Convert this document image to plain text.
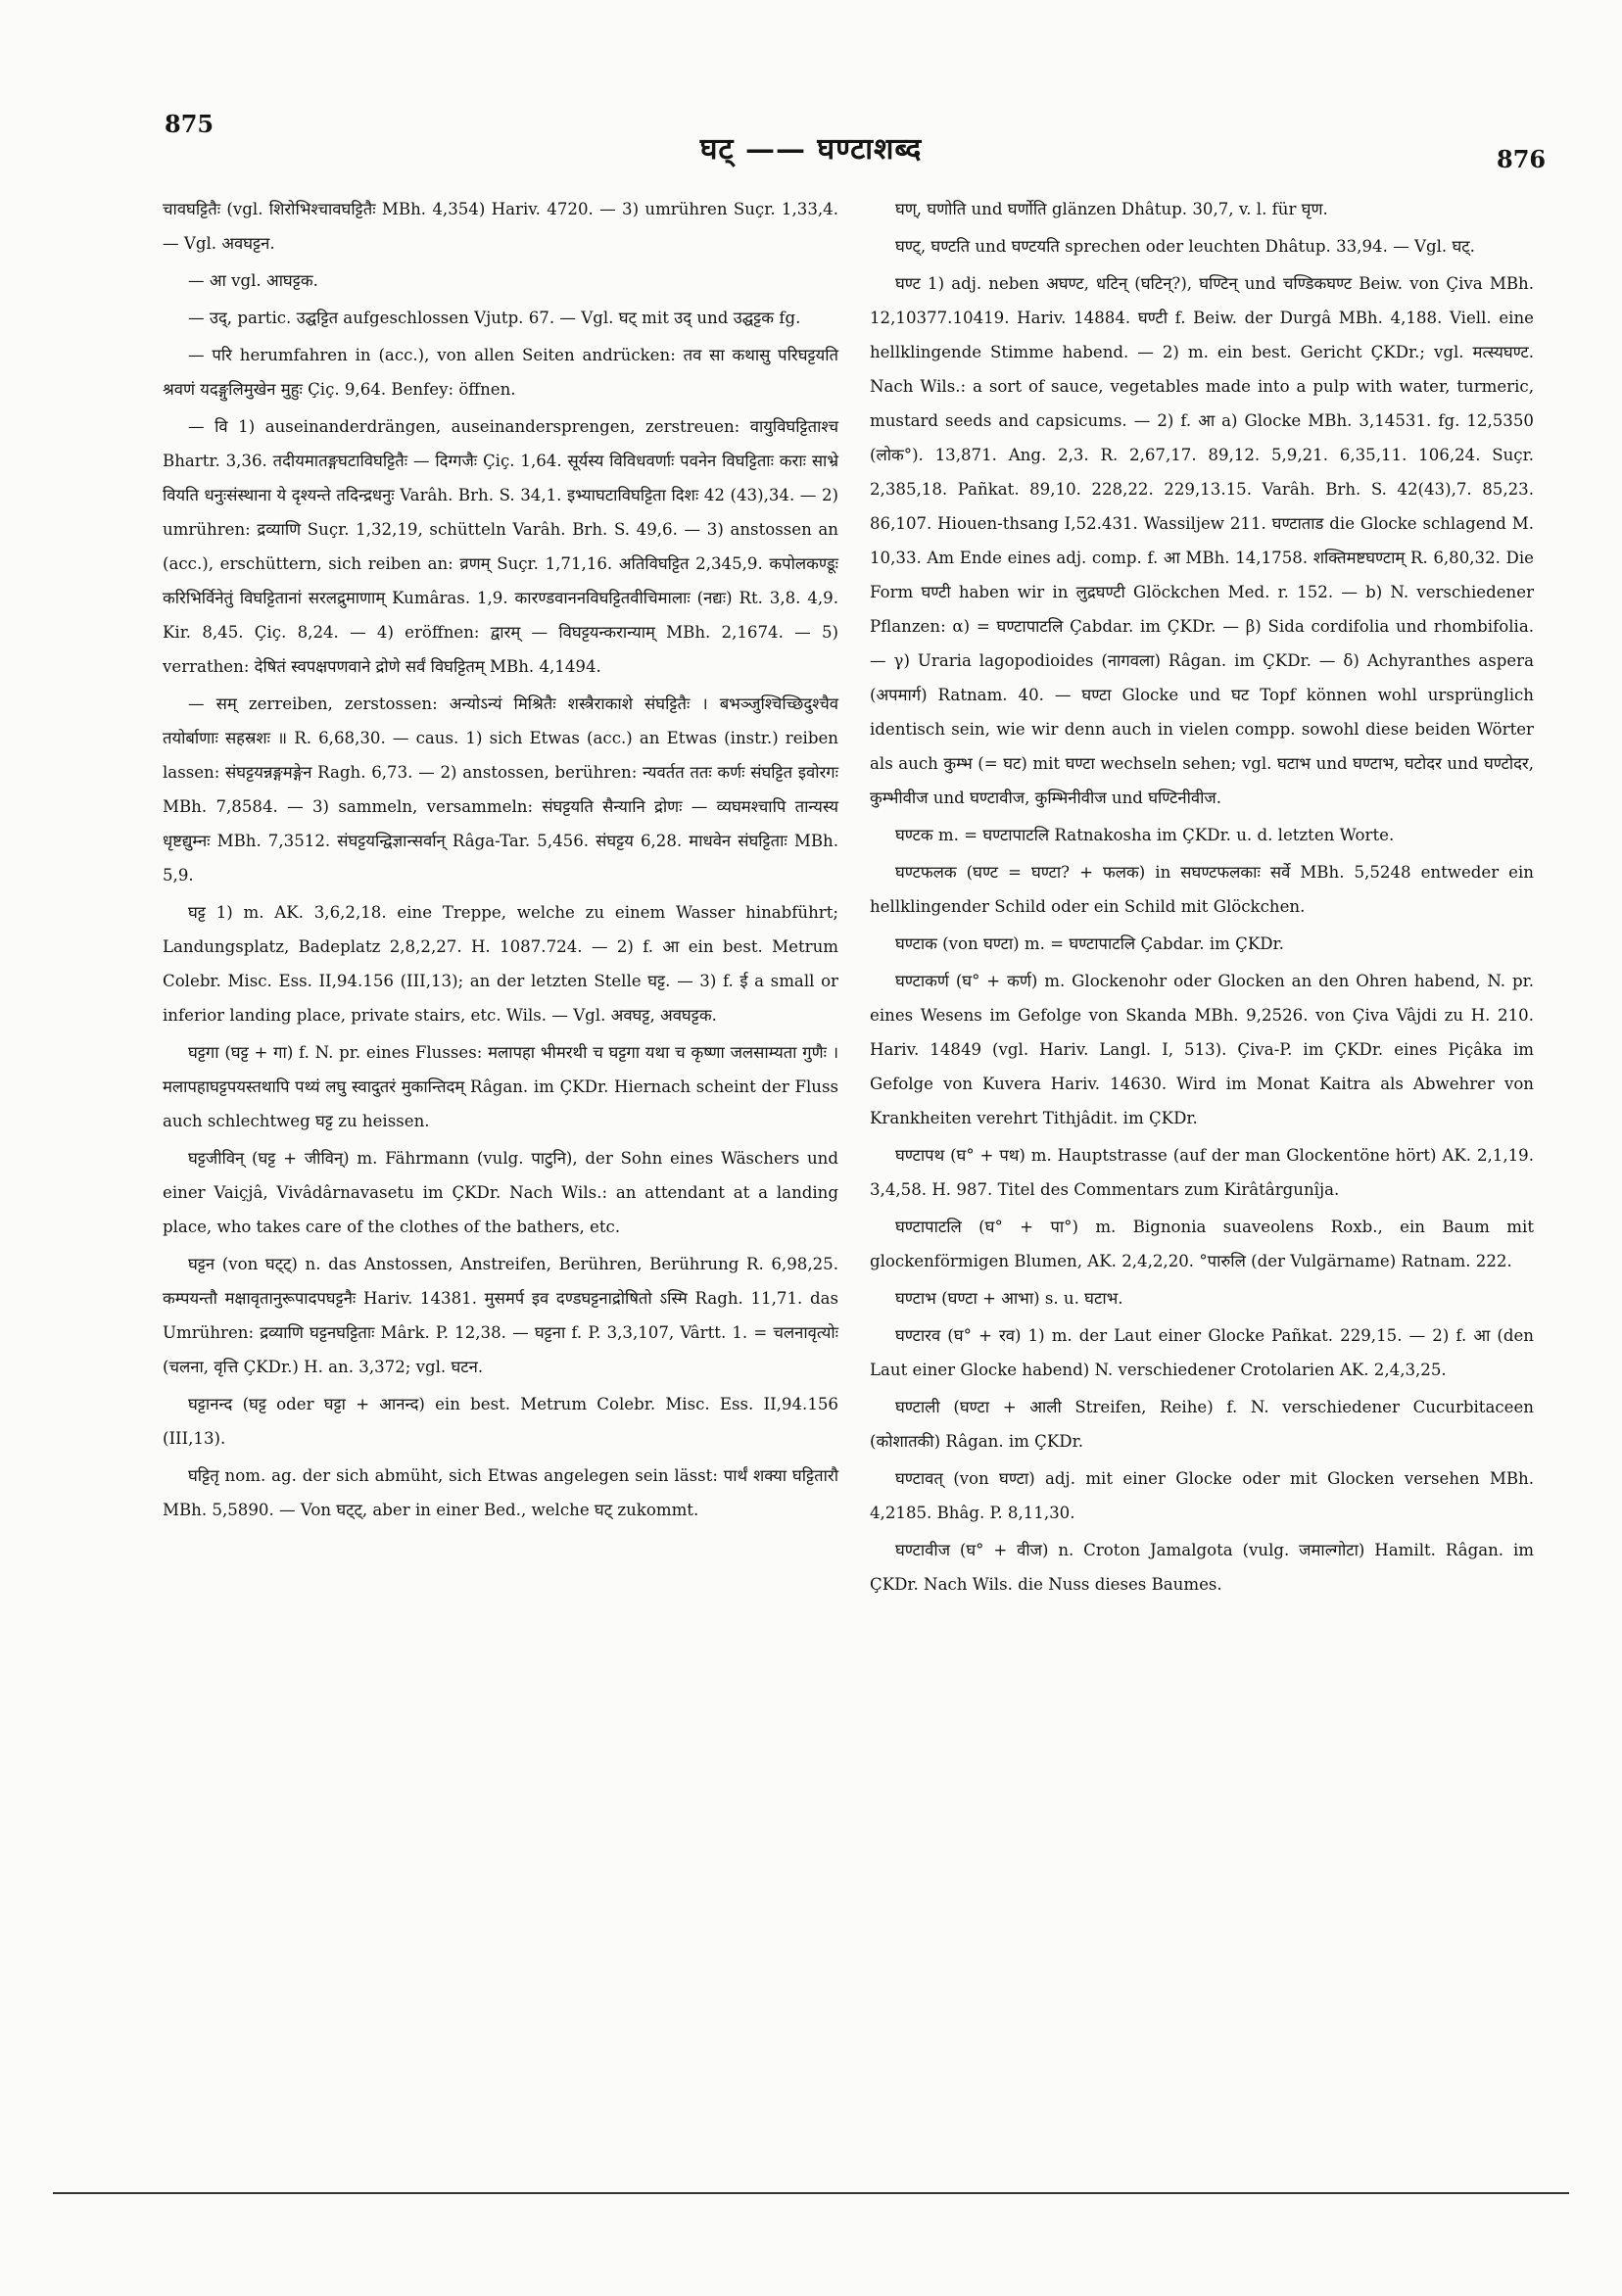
875
घट् —— घण्टाशब्द	876

चावघट्टितैः (vgl. शिरोभिश्चावघट्टितैः MBh. 4,354) Hariv. 4720. — 3) umrühren Suçr. 1,33,4. — Vgl. अवघट्टन.

— आ vgl. आघट्टक.

— उद्, partic. उद्घट्टित aufgeschlossen Vjutp. 67. — Vgl. घट् mit उद् und उद्घट्टक fg.

— परि herumfahren in (acc.), von allen Seiten andrücken: तव सा कथासु परिघट्टयति श्रवणं यदङ्गुलिमुखेन मुहुः Çiç. 9,64. Benfey: öffnen.

— वि 1) auseinanderdrängen, auseinandersprengen, zerstreuen: वायुविघट्टिताश्च Bhartr. 3,36. तदीयमातङ्गघटाविघट्टितैः — दिग्गजैः Çiç. 1,64. सूर्यस्य विविधवर्णाः पवनेन विघट्टिताः कराः साभ्रे वियति धनुःसंस्थाना ये दृश्यन्ते तदिन्द्रधनुः Varâh. Brh. S. 34,1. इभ्याघटाविघट्टिता दिशः 42 (43),34. — 2) umrühren: द्रव्याणि Suçr. 1,32,19, schütteln Varâh. Brh. S. 49,6. — 3) anstossen an (acc.), erschüttern, sich reiben an: व्रणम् Suçr. 1,71,16. अतिविघट्टित 2,345,9. कपोलकण्डूः करिभिर्विनेतुं विघट्टितानां सरलद्रुमाणाम् Kumâras. 1,9. कारण्डवाननविघट्टितवीचिमालाः (नद्यः) Rt. 3,8. 4,9. Kir. 8,45. Çiç. 8,24. — 4) eröffnen: द्वारम् — विघट्टयन्करान्याम् MBh. 2,1674. — 5) verrathen: देषितं स्वपक्षपणवाने द्रोणे सर्वं विघट्टितम् MBh. 4,1494.

— सम् zerreiben, zerstossen: अन्योऽन्यं मिश्रितैः शस्त्रैराकाशे संघट्टितैः । बभञ्जुश्चिच्छिदुश्चैव तयोर्बाणाः सहस्रशः ॥ R. 6,68,30. — caus. 1) sich Etwas (acc.) an Etwas (instr.) reiben lassen: संघट्टयन्नङ्गमङ्गेन Ragh. 6,73. — 2) anstossen, berühren: न्यवर्तत ततः कर्णः संघट्टित इवोरगः MBh. 7,8584. — 3) sammeln, versammeln: संघट्टयति सैन्यानि द्रोणः — व्यघमश्चापि तान्यस्य धृष्टद्युम्नः MBh. 7,3512. संघट्टयन्द्विज्ञान्सर्वान् Râga-Tar. 5,456. संघट्टय 6,28. माधवेन संघट्टिताः MBh. 5,9.

घट्ट 1) m. AK. 3,6,2,18. eine Treppe, welche zu einem Wasser hinabführt; Landungsplatz, Badeplatz 2,8,2,27. H. 1087.724. — 2) f. आ ein best. Metrum Colebr. Misc. Ess. II,94.156 (III,13); an der letzten Stelle घट्ट. — 3) f. ई a small or inferior landing place, private stairs, etc. Wils. — Vgl. अवघट्ट, अवघट्टक.

घट्टगा (घट्ट + गा) f. N. pr. eines Flusses: मलापहा भीमरथी च घट्टगा यथा च कृष्णा जलसाम्यता गुणैः । मलापहाघट्टपयस्तथापि पथ्यं लघु स्वादुतरं मुकान्तिदम् Râgan. im ÇKDr. Hiernach scheint der Fluss auch schlechtweg घट्ट zu heissen.

घट्टजीविन् (घट्ट + जीविन्) m. Fährmann (vulg. पाटुनि), der Sohn eines Wäschers und einer Vaiçjâ, Vivâdârnavasetu im ÇKDr. Nach Wils.: an attendant at a landing place, who takes care of the clothes of the bathers, etc.

घट्टन (von घट्ट्) n. das Anstossen, Anstreifen, Berühren, Berührung R. 6,98,25. कम्पयन्तौ मक्षावृतानुरूपादपघट्टनैः Hariv. 14381. मुसमर्प इव दण्डघट्टनाद्रोषितो ऽस्मि Ragh. 11,71. das Umrühren: द्रव्याणि घट्टनघट्टिताः Mârk. P. 12,38. — घट्टना f. P. 3,3,107, Vârtt. 1. = चलनावृत्योः (चलना, वृत्ति ÇKDr.) H. an. 3,372; vgl. घटन.

घट्टानन्द (घट्ट oder घट्टा + आनन्द) ein best. Metrum Colebr. Misc. Ess. II,94.156 (III,13).

घट्टितृ nom. ag. der sich abmüht, sich Etwas angelegen sein lässt: पार्थं शक्या घट्टितारौ MBh. 5,5890. — Von घट्ट्, aber in einer Bed., welche घट् zukommt.

घण्, घणोति und घर्णोति glänzen Dhâtup. 30,7, v. l. für घृण.

घण्ट्, घण्टति und घण्टयति sprechen oder leuchten Dhâtup. 33,94. — Vgl. घट्.

घण्ट 1) adj. neben अघण्ट, धटिन् (घटिन्?), घण्टिन् und चण्डिकघण्ट Beiw. von Çiva MBh. 12,10377.10419. Hariv. 14884. घण्टी f. Beiw. der Durgâ MBh. 4,188. Viell. eine hellklingende Stimme habend. — 2) m. ein best. Gericht ÇKDr.; vgl. मत्स्यघण्ट. Nach Wils.: a sort of sauce, vegetables made into a pulp with water, turmeric, mustard seeds and capsicums. — 2) f. आ a) Glocke MBh. 3,14531. fg. 12,5350 (लोक°). 13,871. Ang. 2,3. R. 2,67,17. 89,12. 5,9,21. 6,35,11. 106,24. Suçr. 2,385,18. Pañkat. 89,10. 228,22. 229,13.15. Varâh. Brh. S. 42(43),7. 85,23. 86,107. Hiouen-thsang I,52.431. Wassiljew 211. घण्टाताड die Glocke schlagend M. 10,33. Am Ende eines adj. comp. f. आ MBh. 14,1758. शक्तिमष्टघण्टाम् R. 6,80,32. Die Form घण्टी haben wir in लुद्रघण्टी Glöckchen Med. r. 152. — b) N. verschiedener Pflanzen: α) = घण्टापाटलि Çabdar. im ÇKDr. — β) Sida cordifolia und rhombifolia. — γ) Uraria lagopodioides (नागवला) Râgan. im ÇKDr. — δ) Achyranthes aspera (अपमार्ग) Ratnam. 40. — घण्टा Glocke und घट Topf können wohl ursprünglich identisch sein, wie wir denn auch in vielen compp. sowohl diese beiden Wörter als auch कुम्भ (= घट) mit घण्टा wechseln sehen; vgl. घटाभ und घण्टाभ, घटोदर und घण्टोदर, कुम्भीवीज und घण्टावीज, कुम्भिनीवीज und घण्टिनीवीज.

घण्टक m. = घण्टापाटलि Ratnakosha im ÇKDr. u. d. letzten Worte.

घण्टफलक (घण्ट = घण्टा? + फलक) in सघण्टफलकाः सर्वे MBh. 5,5248 entweder ein hellklingender Schild oder ein Schild mit Glöckchen.

घण्टाक (von घण्टा) m. = घण्टापाटलि Çabdar. im ÇKDr.

घण्टाकर्ण (घ° + कर्ण) m. Glockenohr oder Glocken an den Ohren habend, N. pr. eines Wesens im Gefolge von Skanda MBh. 9,2526. von Çiva Vâjdi zu H. 210. Hariv. 14849 (vgl. Hariv. Langl. I, 513). Çiva-P. im ÇKDr. eines Piçâka im Gefolge von Kuvera Hariv. 14630. Wird im Monat Kaitra als Abwehrer von Krankheiten verehrt Tithjâdit. im ÇKDr.

घण्टापथ (घ° + पथ) m. Hauptstrasse (auf der man Glockentöne hört) AK. 2,1,19. 3,4,58. H. 987. Titel des Commentars zum Kirâtârgunîja.

घण्टापाटलि (घ° + पा°) m. Bignonia suaveolens Roxb., ein Baum mit glockenförmigen Blumen, AK. 2,4,2,20. °पारुलि (der Vulgärname) Ratnam. 222.

घण्टाभ (घण्टा + आभा) s. u. घटाभ.

घण्टारव (घ° + रव) 1) m. der Laut einer Glocke Pañkat. 229,15. — 2) f. आ (den Laut einer Glocke habend) N. verschiedener Crotolarien AK. 2,4,3,25.

घण्टाली (घण्टा + आली Streifen, Reihe) f. N. verschiedener Cucurbitaceen (कोशातकी) Râgan. im ÇKDr.

घण्टावत् (von घण्टा) adj. mit einer Glocke oder mit Glocken versehen MBh. 4,2185. Bhâg. P. 8,11,30.

घण्टावीज (घ° + वीज) n. Croton Jamalgota (vulg. जमाल्गोटा) Hamilt. Râgan. im ÇKDr. Nach Wils. die Nuss dieses Baumes.
